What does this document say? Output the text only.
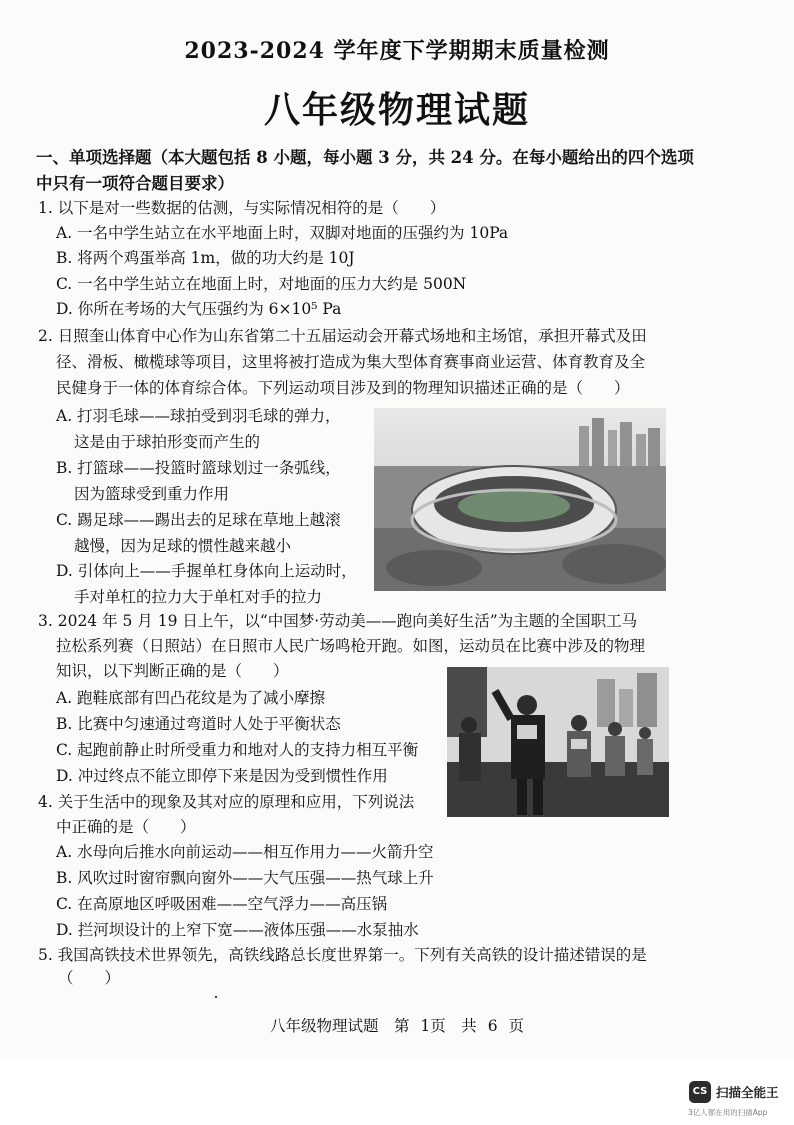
2023-2024 学年度下学期期末质量检测
八年级物理试题
一、单项选择题（本大题包括 8 小题，每小题 3 分，共 24 分。在每小题给出的四个选项
中只有一项符合题目要求）
1. 以下是对一些数据的估测，与实际情况相符的是（　　）
A. 一名中学生站立在水平地面上时，双脚对地面的压强约为 10Pa
B. 将两个鸡蛋举高 1m，做的功大约是 10J
C. 一名中学生站立在地面上时，对地面的压力大约是 500N
D. 你所在考场的大气压强约为 6×10⁵ Pa
2. 日照奎山体育中心作为山东省第二十五届运动会开幕式场地和主场馆，承担开幕式及田
径、滑板、橄榄球等项目，这里将被打造成为集大型体育赛事商业运营、体育教育及全
民健身于一体的体育综合体。下列运动项目涉及到的物理知识描述正确的是（　　）
A. 打羽毛球——球拍受到羽毛球的弹力，
这是由于球拍形变而产生的
B. 打篮球——投篮时篮球划过一条弧线，
因为篮球受到重力作用
C. 踢足球——踢出去的足球在草地上越滚
越慢，因为足球的惯性越来越小
D. 引体向上——手握单杠身体向上运动时，
手对单杠的拉力大于单杠对手的拉力
3. 2024 年 5 月 19 日上午，以“中国梦·劳动美——跑向美好生活”为主题的全国职工马
拉松系列赛（日照站）在日照市人民广场鸣枪开跑。如图，运动员在比赛中涉及的物理
知识，以下判断正确的是（　　）
A. 跑鞋底部有凹凸花纹是为了减小摩擦
B. 比赛中匀速通过弯道时人处于平衡状态
C. 起跑前静止时所受重力和地对人的支持力相互平衡
D. 冲过终点不能立即停下来是因为受到惯性作用
4. 关于生活中的现象及其对应的原理和应用，下列说法
中正确的是（　　）
A. 水母向后推水向前运动——相互作用力——火箭升空
B. 风吹过时窗帘飘向窗外——大气压强——热气球上升
C. 在高原地区呼吸困难——空气浮力——高压锅
D. 拦河坝设计的上窄下宽——液体压强——水泵抽水
5. 我国高铁技术世界领先，高铁线路总长度世界第一。下列有关高铁的设计描述错误的是
（　　）
八年级物理试题　第 1页　共 6 页
CS 扫描全能王
3亿人都在用的扫描App
